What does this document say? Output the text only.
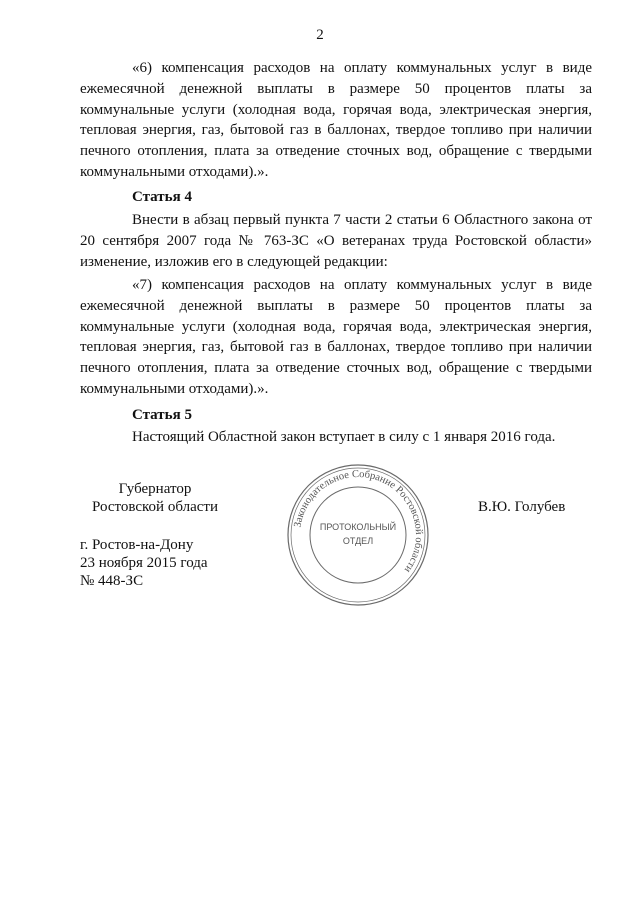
2

«6) компенсация расходов на оплату коммунальных услуг в виде ежемесячной денежной выплаты в размере 50 процентов платы за коммунальные услуги (холодная вода, горячая вода, электрическая энергия, тепловая энергия, газ, бытовой газ в баллонах, твердое топливо при наличии печного отопления, плата за отведение сточных вод, обращение с твердыми коммунальными отходами).».

Статья 4

Внести в абзац первый пункта 7 части 2 статьи 6 Областного закона от 20 сентября 2007 года № 763-ЗС «О ветеранах труда Ростовской области» изменение, изложив его в следующей редакции:

«7) компенсация расходов на оплату коммунальных услуг в виде ежемесячной денежной выплаты в размере 50 процентов платы за коммунальные услуги (холодная вода, горячая вода, электрическая энергия, тепловая энергия, газ, бытовой газ в баллонах, твердое топливо при наличии печного отопления, плата за отведение сточных вод, обращение с твердыми коммунальными отходами).».

Статья 5
Настоящий Областной закон вступает в силу с 1 января 2016 года.
Губернатор
Ростовской области	В.Ю. Голубев
г. Ростов-на-Дону
23 ноября 2015 года
№ 448-ЗС
Законодательное Собрание Ростовской области
ПРОТОКОЛЬНЫЙ
ОТДЕЛ
